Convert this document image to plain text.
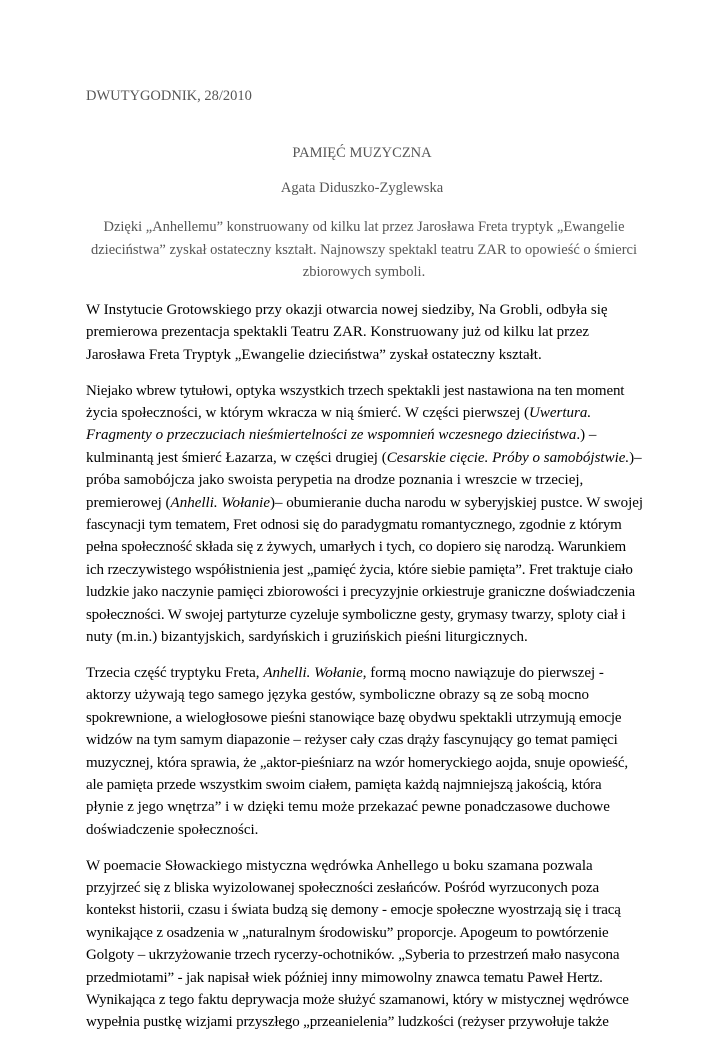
DWUTYGODNIK, 28/2010
PAMIĘĆ MUZYCZNA
Agata Diduszko-Zyglewska
Dzięki „Anhellemu” konstruowany od kilku lat przez Jarosława Freta tryptyk „Ewangelie
dzieciństwa” zyskał ostateczny kształt. Najnowszy spektakl teatru ZAR to opowieść o śmierci
zbiorowych symboli.

W Instytucie Grotowskiego przy okazji otwarcia nowej siedziby, Na Grobli, odbyła się
premierowa prezentacja spektakli Teatru ZAR. Konstruowany już od kilku lat przez
Jarosława Freta Tryptyk „Ewangelie dzieciństwa” zyskał ostateczny kształt.

Niejako wbrew tytułowi, optyka wszystkich trzech spektakli jest nastawiona na ten moment
życia społeczności, w którym wkracza w nią śmierć. W części pierwszej (Uwertura.
Fragmenty o przeczuciach nieśmiertelności ze wspomnień wczesnego dzieciństwa.) –
kulminantą jest śmierć Łazarza, w części drugiej (Cesarskie cięcie. Próby o samobójstwie.)–
próba samobójcza jako swoista perypetia na drodze poznania i wreszcie w trzeciej,
premierowej (Anhelli. Wołanie)– obumieranie ducha narodu w syberyjskiej pustce. W swojej
fascynacji tym tematem, Fret odnosi się do paradygmatu romantycznego, zgodnie z którym
pełna społeczność składa się z żywych, umarłych i tych, co dopiero się narodzą. Warunkiem
ich rzeczywistego współistnienia jest „pamięć życia, które siebie pamięta”. Fret traktuje ciało
ludzkie jako naczynie pamięci zbiorowości i precyzyjnie orkiestruje graniczne doświadczenia
społeczności. W swojej partyturze cyzeluje symboliczne gesty, grymasy twarzy, sploty ciał i
nuty (m.in.) bizantyjskich, sardyńskich i gruzińskich pieśni liturgicznych.

Trzecia część tryptyku Freta, Anhelli. Wołanie, formą mocno nawiązuje do pierwszej -
aktorzy używają tego samego języka gestów, symboliczne obrazy są ze sobą mocno
spokrewnione, a wielogłosowe pieśni stanowiące bazę obydwu spektakli utrzymują emocje
widzów na tym samym diapazonie – reżyser cały czas drąży fascynujący go temat pamięci
muzycznej, która sprawia, że „aktor-pieśniarz na wzór homeryckiego aojda, snuje opowieść,
ale pamięta przede wszystkim swoim ciałem, pamięta każdą najmniejszą jakością, która
płynie z jego wnętrza” i w dzięki temu może przekazać pewne ponadczasowe duchowe
doświadczenie społeczności.

W poemacie Słowackiego mistyczna wędrówka Anhellego u boku szamana pozwala
przyjrzeć się z bliska wyizolowanej społeczności zesłańców. Pośród wyrzuconych poza
kontekst historii, czasu i świata budzą się demony - emocje społeczne wyostrzają się i tracą
wynikające z osadzenia w „naturalnym środowisku” proporcje. Apogeum to powtórzenie
Golgoty – ukrzyżowanie trzech rycerzy-ochotników. „Syberia to przestrzeń mało nasycona
przedmiotami” - jak napisał wiek później inny mimowolny znawca tematu Paweł Hertz.
Wynikająca z tego faktu deprywacja może służyć szamanowi, który w mistycznej wędrówce
wypełnia pustkę wizjami przyszłego „przeanielenia” ludzkości (reżyser przywołuje także
